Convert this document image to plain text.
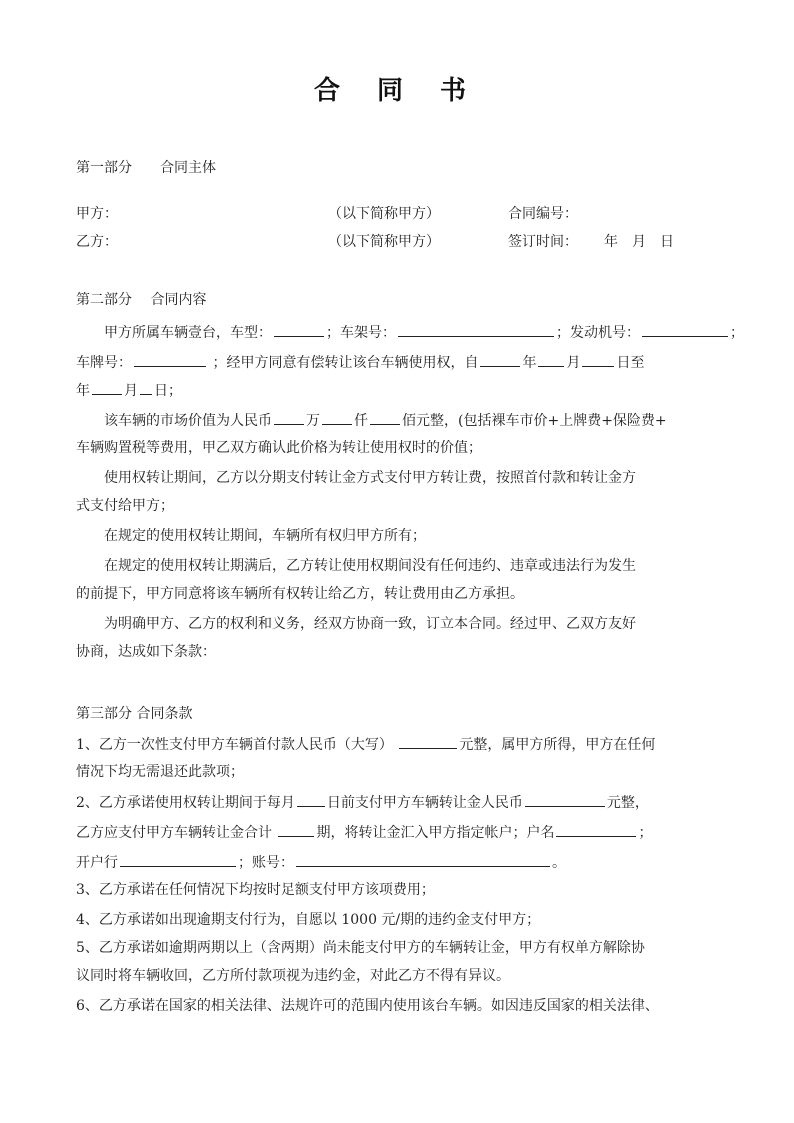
合 同 书
第一部分　　合同主体
甲方：	（以下简称甲方）	合同编号：
乙方：	（以下简称甲方）	签订时间： 年　月　日
第二部分　 合同内容
甲方所属车辆壹台，车型：	；车架号：	；发动机号：	；
车牌号：	；经甲方同意有偿转让该台车辆使用权，自	年 月	日至
年 月 日；
该车辆的市场价值为人民币 万 仟 佰元整，(包括裸车市价+上牌费+保险费+
车辆购置税等费用，甲乙双方确认此价格为转让使用权时的价值；
使用权转让期间，乙方以分期支付转让金方式支付甲方转让费，按照首付款和转让金方
式支付给甲方；
在规定的使用权转让期间，车辆所有权归甲方所有；
在规定的使用权转让期满后，乙方转让使用权期间没有任何违约、违章或违法行为发生
的前提下，甲方同意将该车辆所有权转让给乙方，转让费用由乙方承担。
为明确甲方、乙方的权利和义务，经双方协商一致，订立本合同。经过甲、乙双方友好
协商，达成如下条款：
第三部分 合同条款
1、乙方一次性支付甲方车辆首付款人民币（大写）	元整，属甲方所得，甲方在任何
情况下均无需退还此款项；
2、乙方承诺使用权转让期间于每月 日前支付甲方车辆转让金人民币	元整，
乙方应支付甲方车辆转让金合计	期，将转让金汇入甲方指定帐户；户名	；
开户行	；账号：	。
3、乙方承诺在任何情况下均按时足额支付甲方该项费用；
4、乙方承诺如出现逾期支付行为，自愿以 1000 元/期的违约金支付甲方；
5、乙方承诺如逾期两期以上（含两期）尚未能支付甲方的车辆转让金，甲方有权单方解除协
议同时将车辆收回，乙方所付款项视为违约金，对此乙方不得有异议。
6、乙方承诺在国家的相关法律、法规许可的范围内使用该台车辆。如因违反国家的相关法律、
